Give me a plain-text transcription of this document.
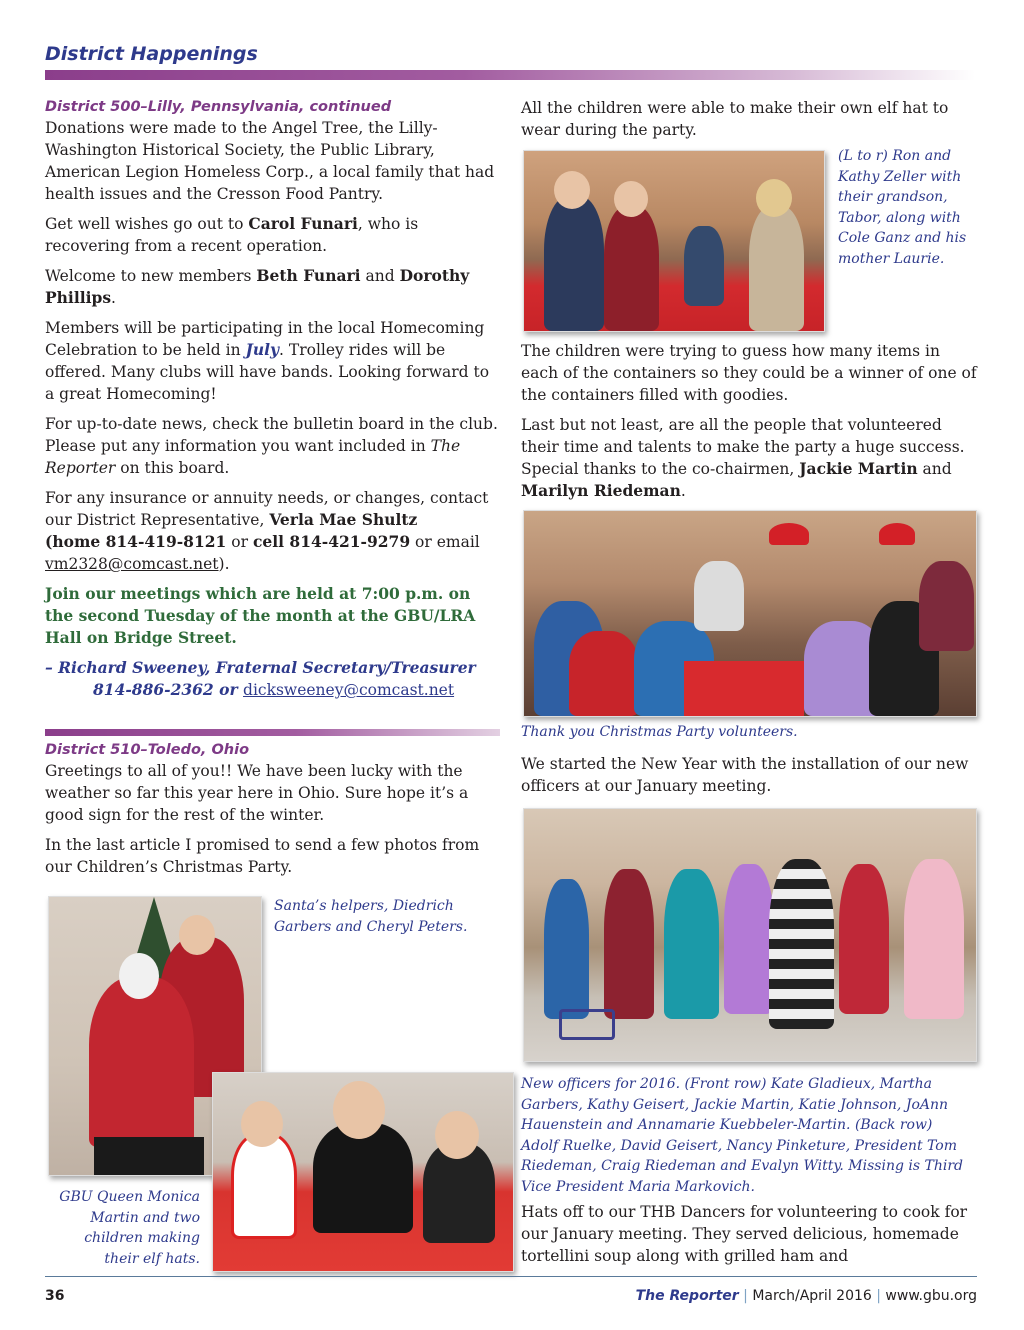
District Happenings
District 500–Lilly, Pennsylvania, continued

Donations were made to the Angel Tree, the Lilly-Washington Historical Society, the Public Library, American Legion Homeless Corp., a local family that had health issues and the Cresson Food Pantry.

Get well wishes go out to Carol Funari, who is recovering from a recent operation.

Welcome to new members Beth Funari and Dorothy Phillips.

Members will be participating in the local Homecoming Celebration to be held in July. Trolley rides will be offered. Many clubs will have bands. Looking forward to a great Homecoming!

For up-to-date news, check the bulletin board in the club. Please put any information you want included in The Reporter on this board.

For any insurance or annuity needs, or changes, contact our District Representative, Verla Mae Shultz
(home 814-419-8121 or cell 814-421-9279 or email
vm2328@comcast.net).

Join our meetings which are held at 7:00 p.m. on the second Tuesday of the month at the GBU/LRA Hall on Bridge Street.

– Richard Sweeney, Fraternal Secretary/Treasurer
814-886-2362 or dicksweeney@comcast.net
District 510–Toledo, Ohio

Greetings to all of you!! We have been lucky with the weather so far this year here in Ohio. Sure hope it’s a good sign for the rest of the winter.

In the last article I promised to send a few photos from our Children’s Christmas Party.

Santa’s helpers, Diedrich Garbers and Cheryl Peters.
GBU Queen Monica Martin and two children making their elf hats.

All the children were able to make their own elf hat to wear during the party.

(L to r) Ron and Kathy Zeller with their grandson, Tabor, along with Cole Ganz and his mother Laurie.

The children were trying to guess how many items in each of the containers so they could be a winner of one of the containers filled with goodies.

Last but not least, are all the people that volunteered their time and talents to make the party a huge success. Special thanks to the co-chairmen, Jackie Martin and Marilyn Riedeman.

Thank you Christmas Party volunteers.

We started the New Year with the installation of our new officers at our January meeting.

New officers for 2016. (Front row) Kate Gladieux, Martha Garbers, Kathy Geisert, Jackie Martin, Katie Johnson, JoAnn Hauenstein and Annamarie Kuebbeler-Martin. (Back row) Adolf Ruelke, David Geisert, Nancy Pinketure, President Tom Riedeman, Craig Riedeman and Evalyn Witty. Missing is Third Vice President Maria Markovich.

Hats off to our THB Dancers for volunteering to cook for our January meeting. They served delicious, homemade tortellini soup along with grilled ham and

36	The Reporter | March/April 2016 | www.gbu.org
